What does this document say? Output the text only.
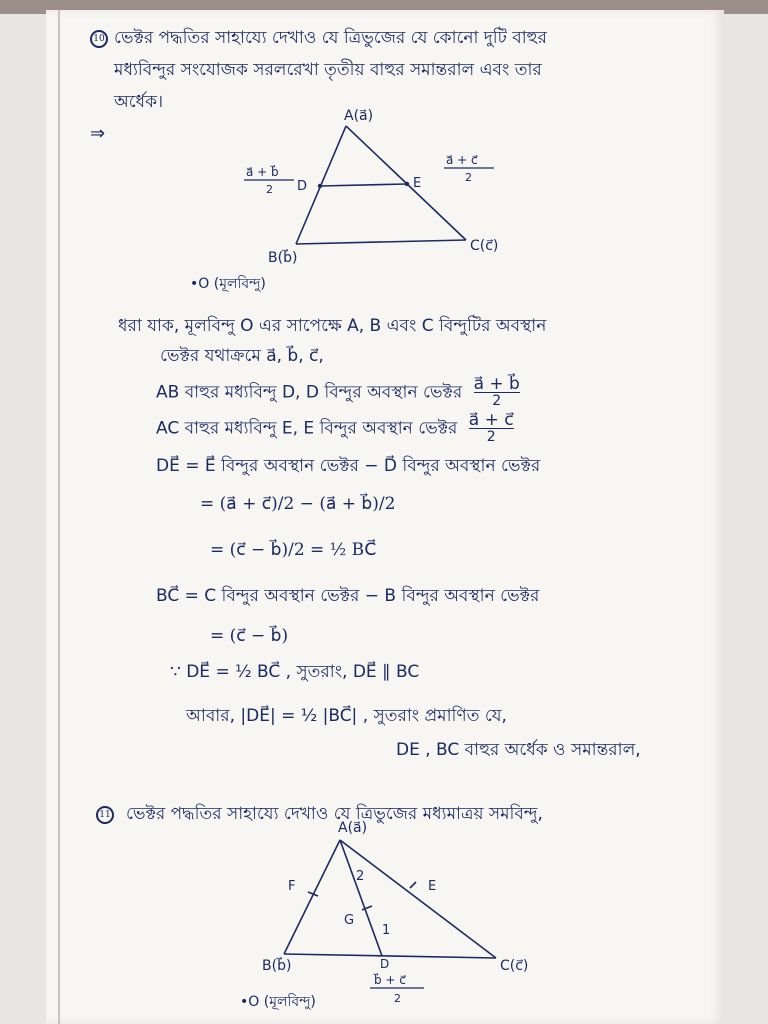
10 ভেক্টর পদ্ধতির সাহায্যে দেখাও যে ত্রিভুজের যে কোনো দুটি বাহুর
মধ্যবিন্দুর সংযোজক সরলরেখা তৃতীয় বাহুর সমান্তরাল এবং তার
অর্ধেক।
⇒
A(a⃗)
D	E
a⃗ + b⃗
2
a⃗ + c⃗
2
B(b⃗)
C(c⃗)
•O (মূলবিন্দু)
ধরা যাক, মূলবিন্দু O এর সাপেক্ষে A, B এবং C বিন্দুটির অবস্থান
ভেক্টর যথাক্রমে a⃗, b⃗, c⃗,
AB বাহুর মধ্যবিন্দু D, D বিন্দুর অবস্থান ভেক্টর $\frac{a⃗ + b⃗}{2}$
AC বাহুর মধ্যবিন্দু E, E বিন্দুর অবস্থান ভেক্টর $\frac{a⃗ + c⃗}{2}$
DE⃗ = E⃗ বিন্দুর অবস্থান ভেক্টর − D⃗ বিন্দুর অবস্থান ভেক্টর
= (a⃗ + c⃗)/2 − (a⃗ + b⃗)/2
= (c⃗ − b⃗)/2 = ½ BC⃗
BC⃗ = C বিন্দুর অবস্থান ভেক্টর − B বিন্দুর অবস্থান ভেক্টর
= (c⃗ − b⃗)
∵ DE⃗ = ½ BC⃗ , সুতরাং, DE⃗ ∥ BC
আবার, |DE⃗| = ½ |BC⃗| , সুতরাং প্রমাণিত যে,
DE , BC বাহুর অর্ধেক ও সমান্তরাল,
11 ভেক্টর পদ্ধতির সাহায্যে দেখাও যে ত্রিভুজের মধ্যমাত্রয় সমবিন্দু,
A(a⃗)
F	E
G
2
1
B(b⃗)	C(c⃗)
D
b⃗ + c⃗
2
•O (মূলবিন্দু)
